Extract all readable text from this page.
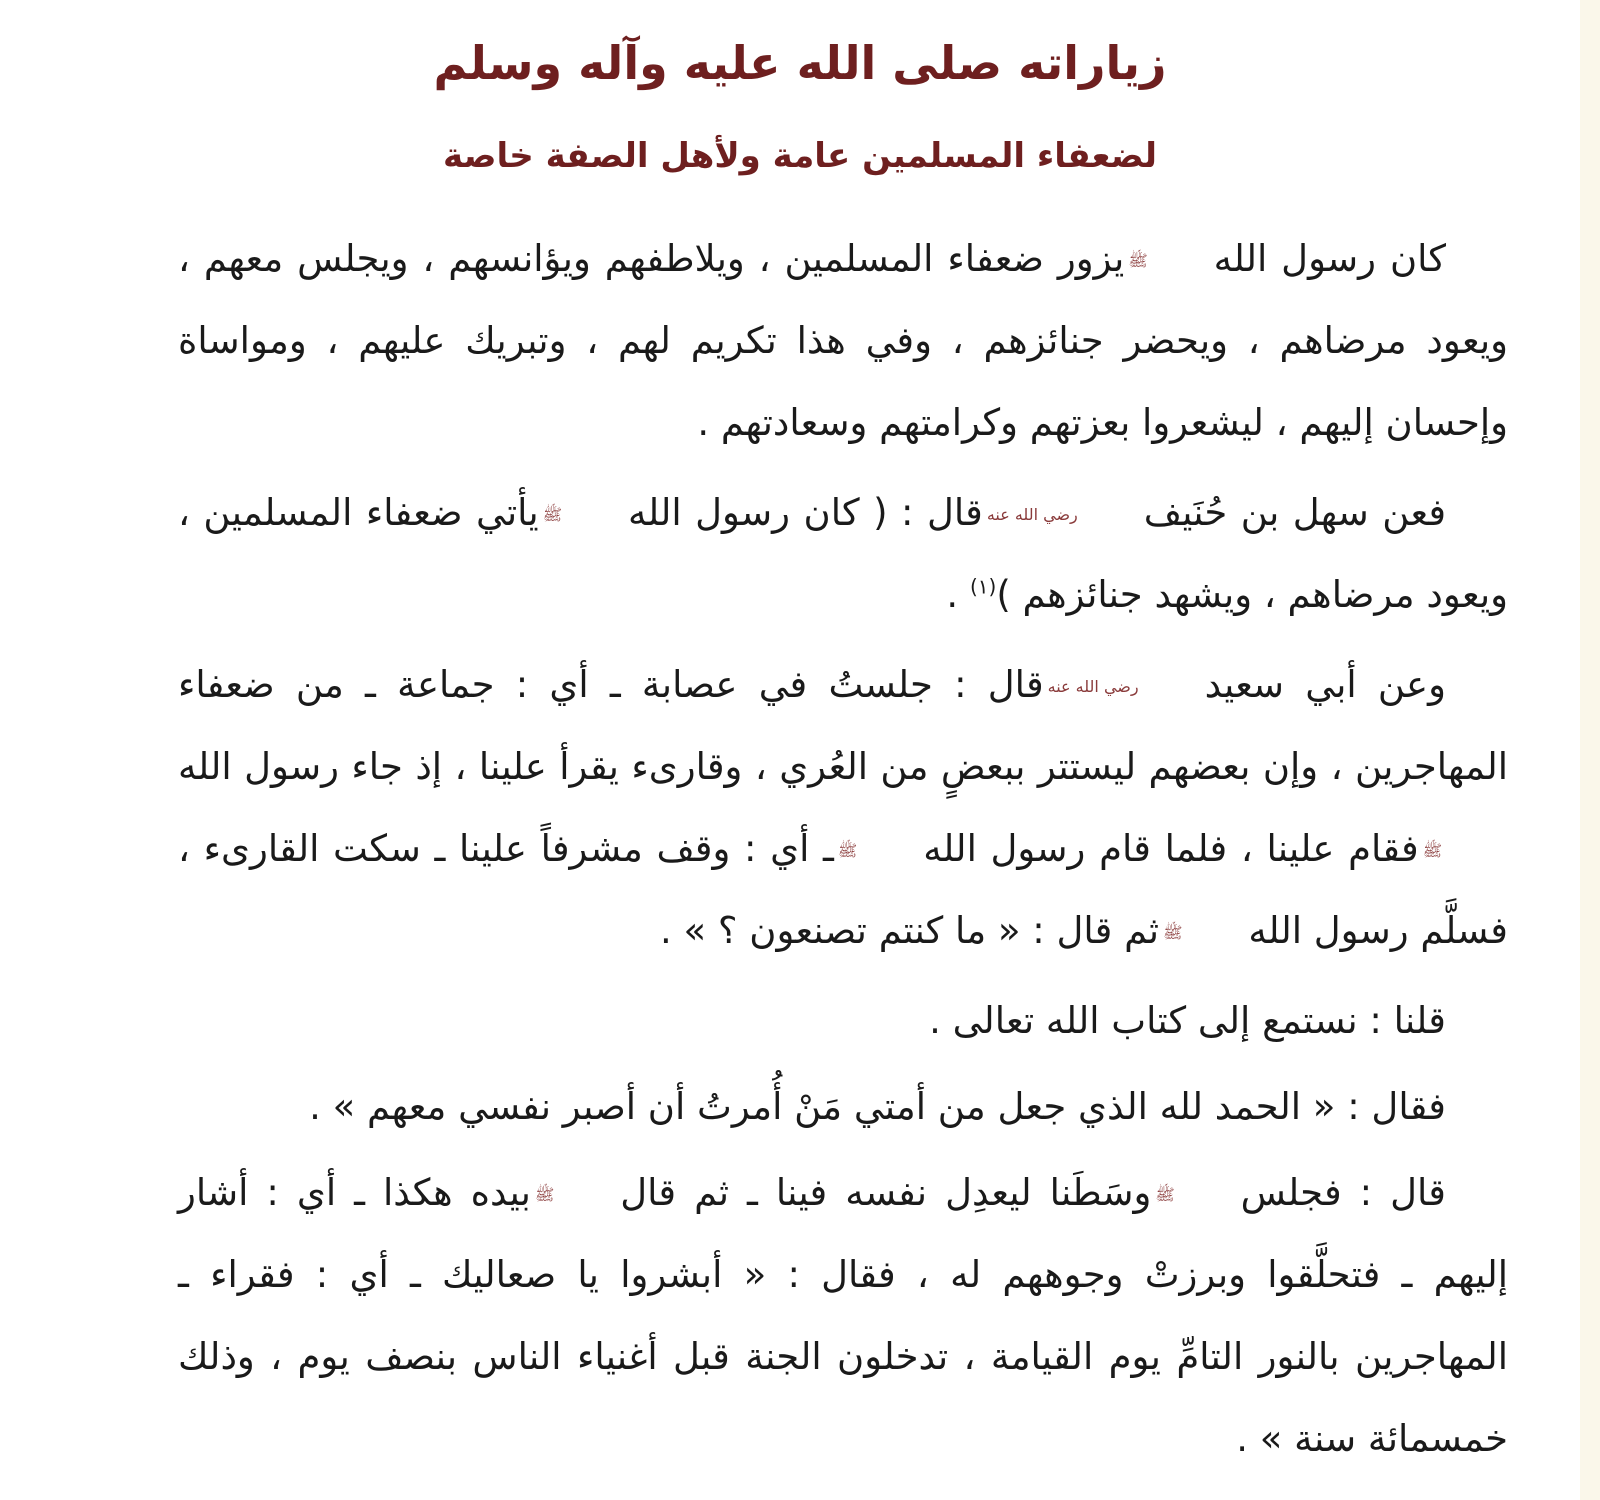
زياراته صلى الله عليه وآله وسلم
لضعفاء المسلمين عامة ولأهل الصفة خاصة

كان رسول اللهﷺيزور ضعفاء المسلمين ، ويلاطفهم ويؤانسهم ، ويجلس معهم ، ويعود مرضاهم ، ويحضر جنائزهم ، وفي هذا تكريم لهم ، وتبريك عليهم ، ومواساة وإحسان إليهم ، ليشعروا بعزتهم وكرامتهم وسعادتهم .

فعن سهل بن حُنَيفرضي الله عنهقال : ( كان رسول اللهﷺيأتي ضعفاء المسلمين ، ويعود مرضاهم ، ويشهد جنائزهم )$^{(١)}$ .

وعن أبي سعيدرضي الله عنهقال : جلستُ في عصابة ـ أي : جماعة ـ من ضعفاء المهاجرين ، وإن بعضهم ليستتر ببعضٍ من العُري ، وقارىء يقرأ علينا ، إذ جاء رسول اللهﷺفقام علينا ، فلما قام رسول اللهﷺـ أي : وقف مشرفاً علينا ـ سكت القارىء ، فسلَّم رسول اللهﷺثم قال : « ما كنتم تصنعون ؟ » .

قلنا : نستمع إلى كتاب الله تعالى .

فقال : « الحمد لله الذي جعل من أمتي مَنْ أُمرتُ أن أصبر نفسي معهم » .

قال : فجلسﷺوسَطَنا ليعدِل نفسه فينا ـ ثم قالﷺبيده هكذا ـ أي : أشار إليهم ـ فتحلَّقوا وبرزتْ وجوههم له ، فقال : « أبشروا يا صعاليك ـ أي : فقراء ـ المهاجرين بالنور التامِّ يوم القيامة ، تدخلون الجنة قبل أغنياء الناس بنصف يوم ، وذلك خمسمائة سنة » .
